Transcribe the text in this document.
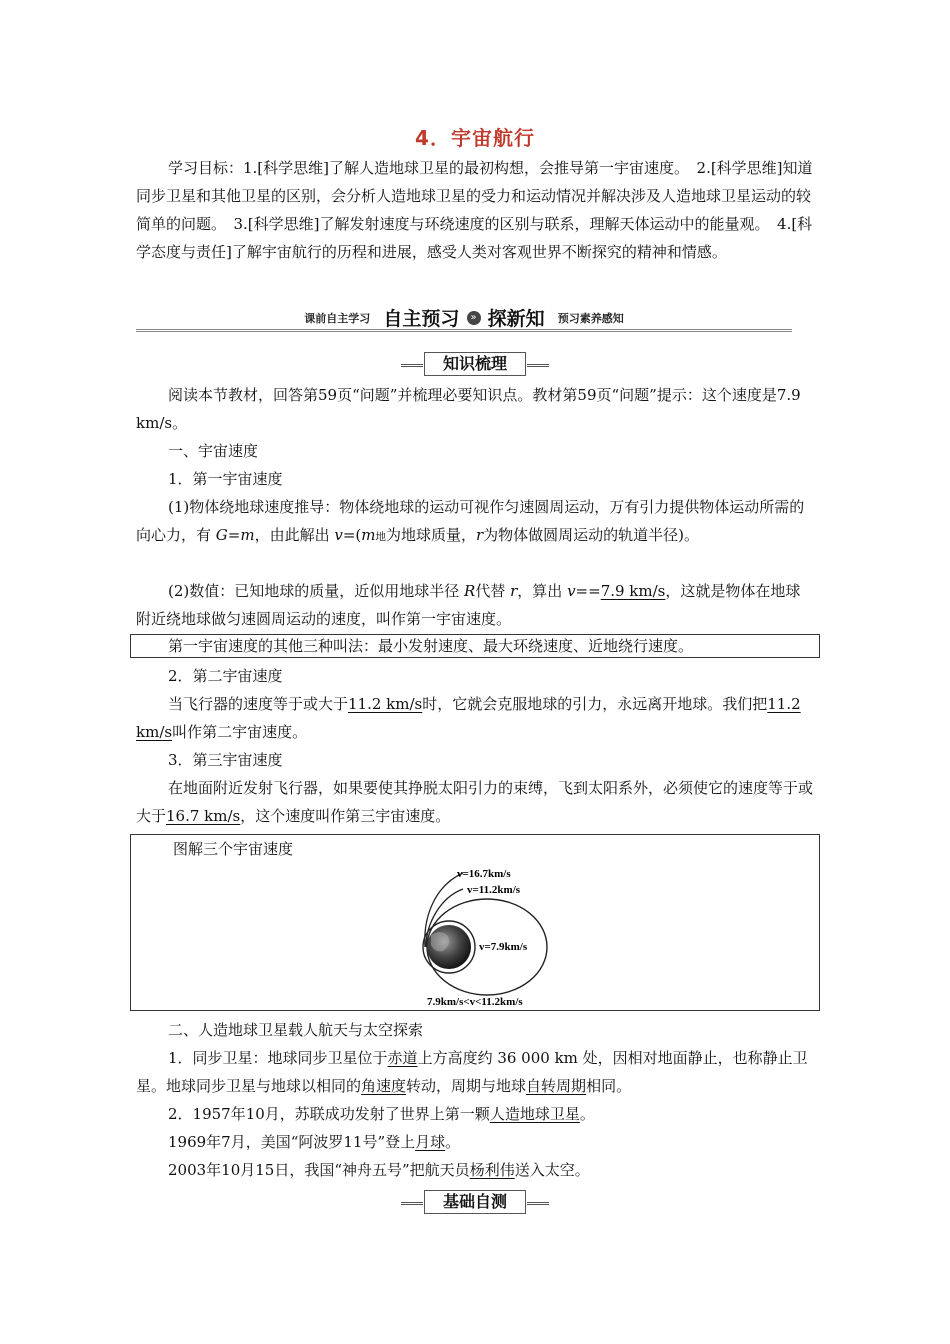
4．宇宙航行

学习目标：1.[科学思维]了解人造地球卫星的最初构想，会推导第一宇宙速度。　2.[科学思维]知道同步卫星和其他卫星的区别，会分析人造地球卫星的受力和运动情况并解决涉及人造地球卫星运动的较简单的问题。　3.[科学思维]了解发射速度与环绕速度的区别与联系，理解天体运动中的能量观。　4.[科学态度与责任]了解宇宙航行的历程和进展，感受人类对客观世界不断探究的精神和情感。

课前自主学习 自主预习 » 探新知 预习素养感知
知识梳理

阅读本节教材，回答第59页“问题”并梳理必要知识点。教材第59页“问题”提示：这个速度是7.9 km/s。

一、宇宙速度

1．第一宇宙速度

(1)物体绕地球速度推导：物体绕地球的运动可视作匀速圆周运动，万有引力提供物体运动所需的向心力，有 G=m，由此解出 v=(m地为地球质量，r为物体做圆周运动的轨道半径)。

(2)数值：已知地球的质量，近似用地球半径 R代替 r，算出 v==7.9 km/s，这就是物体在地球附近绕地球做匀速圆周运动的速度，叫作第一宇宙速度。

第一宇宙速度的其他三种叫法：最小发射速度、最大环绕速度、近地绕行速度。

2．第二宇宙速度

当飞行器的速度等于或大于11.2 km/s时，它就会克服地球的引力，永远离开地球。我们把11.2 km/s叫作第二宇宙速度。

3．第三宇宙速度

在地面附近发射飞行器，如果要使其挣脱太阳引力的束缚，飞到太阳系外，必须使它的速度等于或大于16.7 km/s，这个速度叫作第三宇宙速度。

图解三个宇宙速度
v=16.7km/s
v=11.2km/s
v=7.9km/s
7.9km/s<v<11.2km/s

二、人造地球卫星载人航天与太空探索

1．同步卫星：地球同步卫星位于赤道上方高度约 36 000 km 处，因相对地面静止，也称静止卫星。地球同步卫星与地球以相同的角速度转动，周期与地球自转周期相同。

2．1957年10月，苏联成功发射了世界上第一颗人造地球卫星。

1969年7月，美国“阿波罗11号”登上月球。

2003年10月15日，我国“神舟五号”把航天员杨利伟送入太空。

基础自测
